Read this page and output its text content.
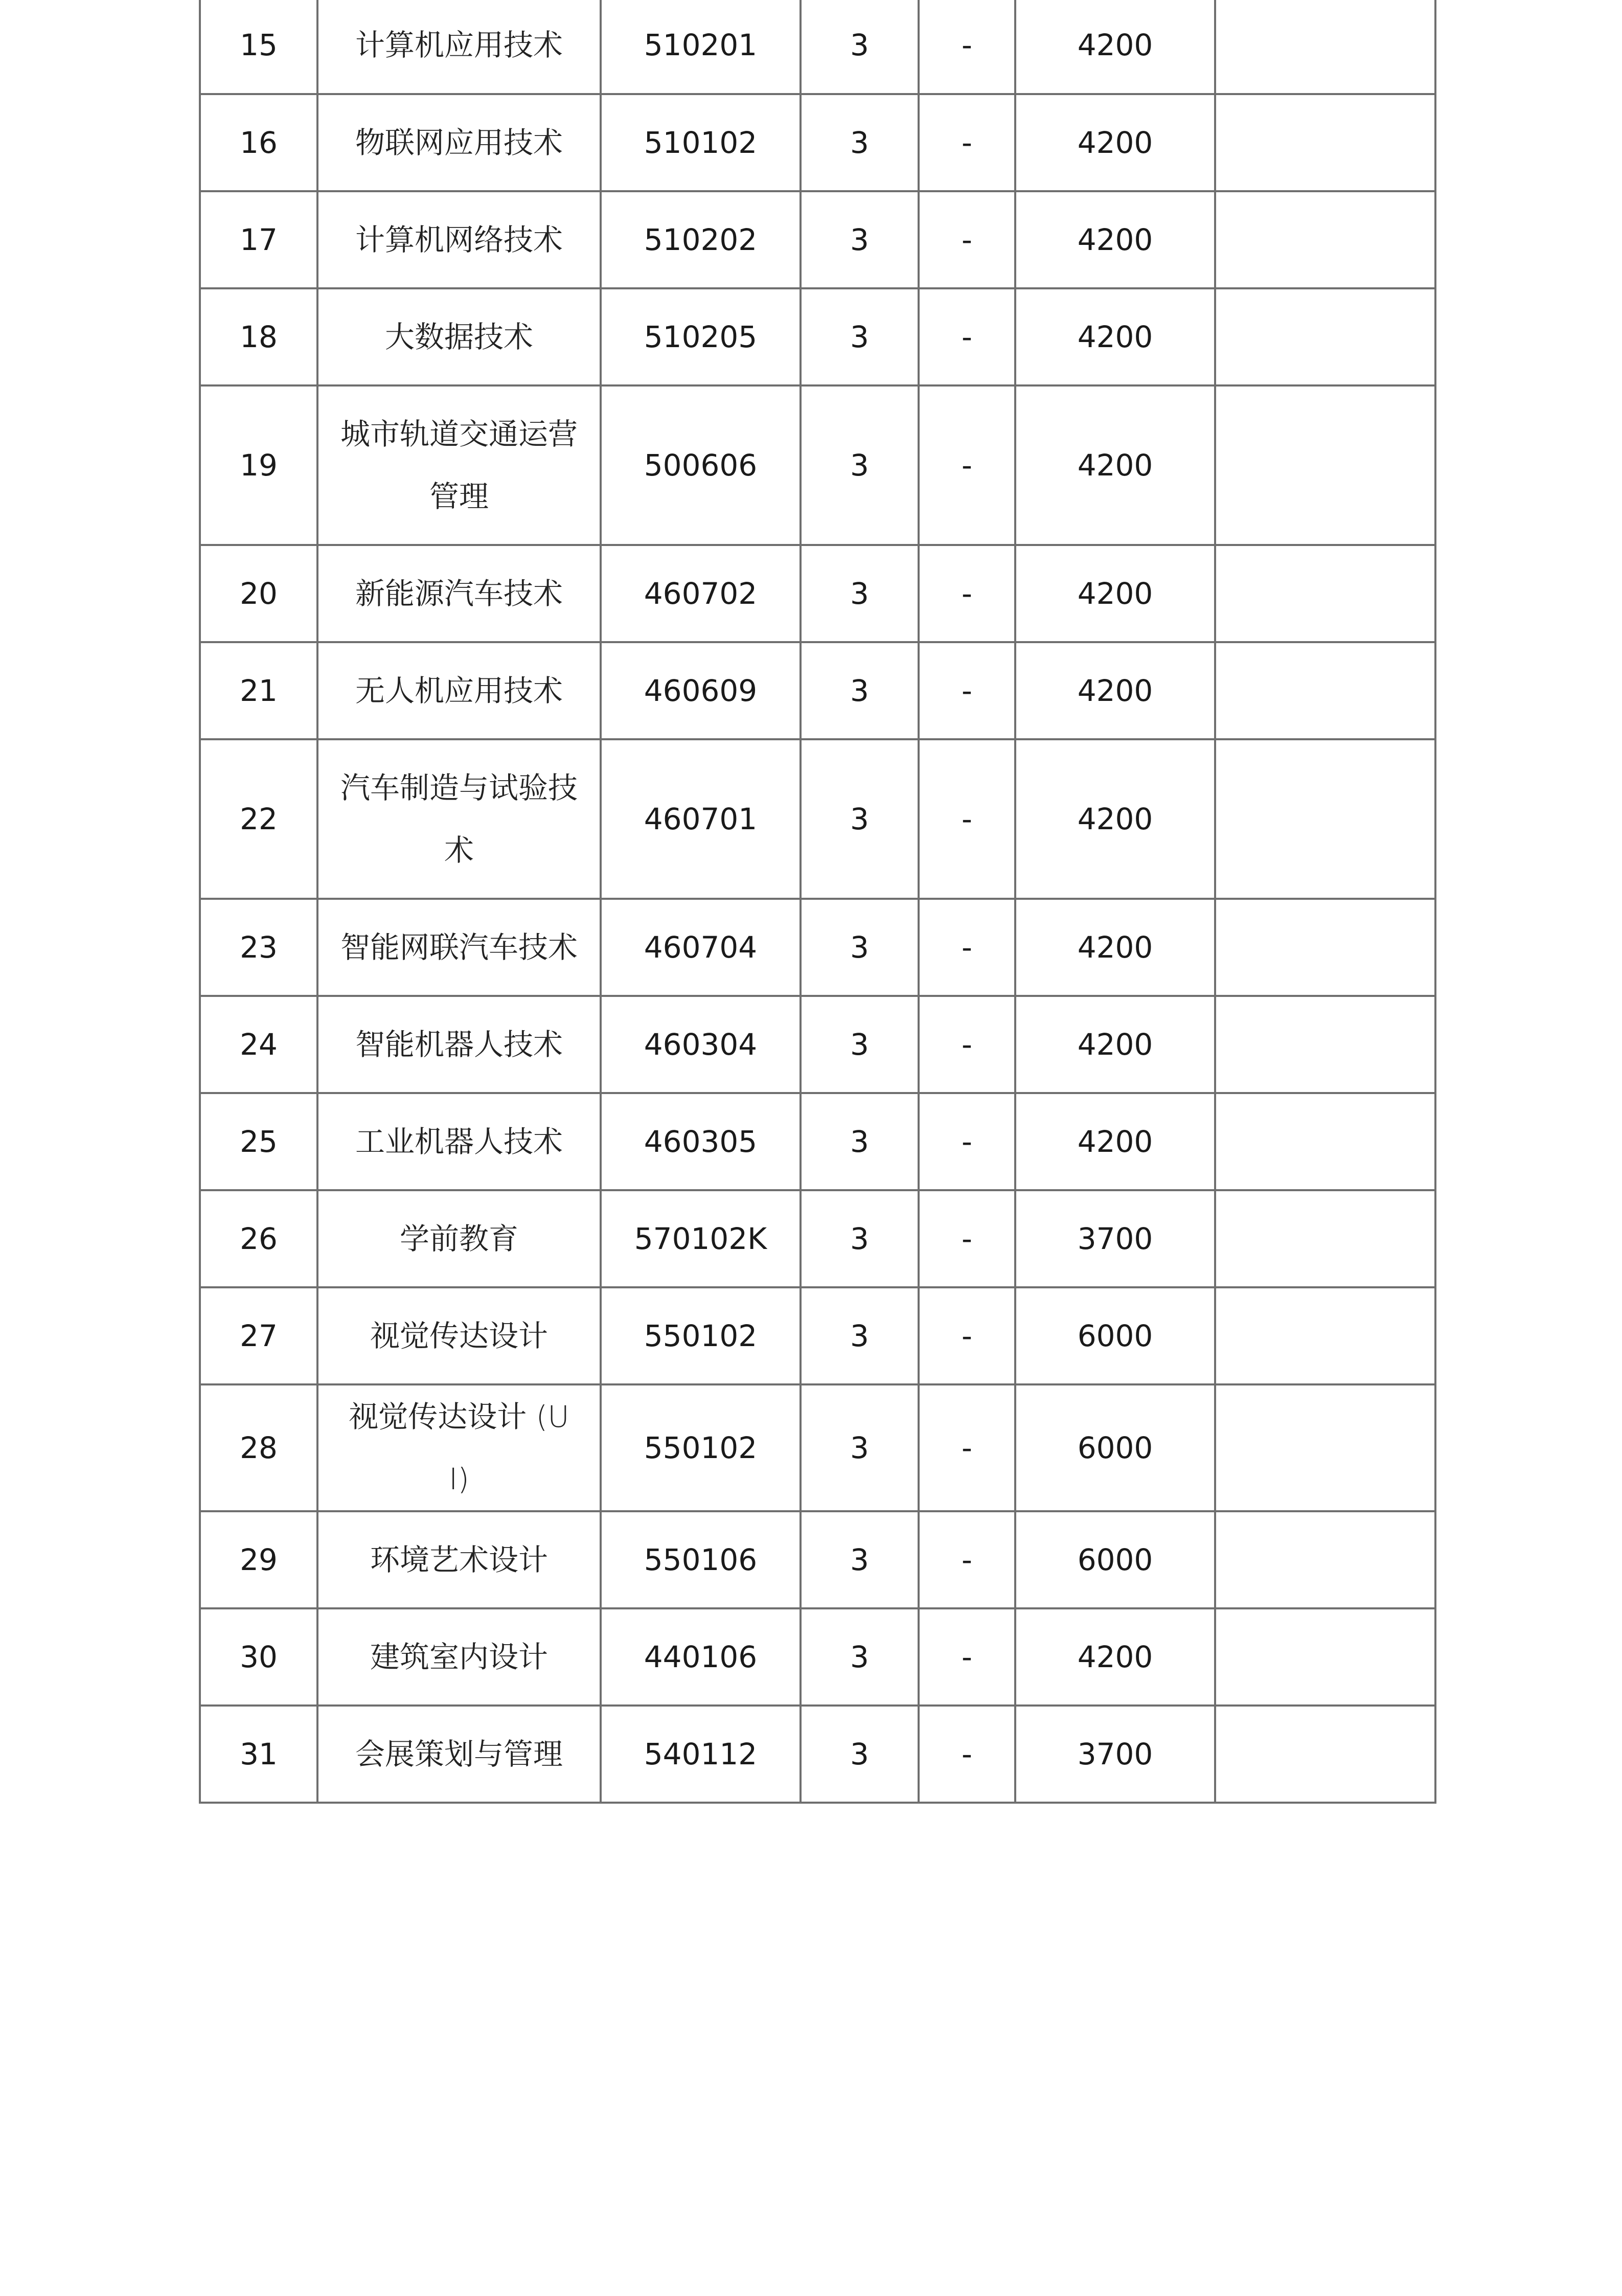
15	计算机应用技术	510201	3	-	4200	
16	物联网应用技术	510102	3	-	4200	
17	计算机网络技术	510202	3	-	4200	
18	大数据技术	510205	3	-	4200	
19	城市轨道交通运营管理	500606	3	-	4200	
20	新能源汽车技术	460702	3	-	4200	
21	无人机应用技术	460609	3	-	4200	
22	汽车制造与试验技术	460701	3	-	4200	
23	智能网联汽车技术	460704	3	-	4200	
24	智能机器人技术	460304	3	-	4200	
25	工业机器人技术	460305	3	-	4200	
26	学前教育	570102K	3	-	3700	
27	视觉传达设计	550102	3	-	6000	
28	视觉传达设计 (UI)	550102	3	-	6000	
29	环境艺术设计	550106	3	-	6000	
30	建筑室内设计	440106	3	-	4200	
31	会展策划与管理	540112	3	-	3700	
